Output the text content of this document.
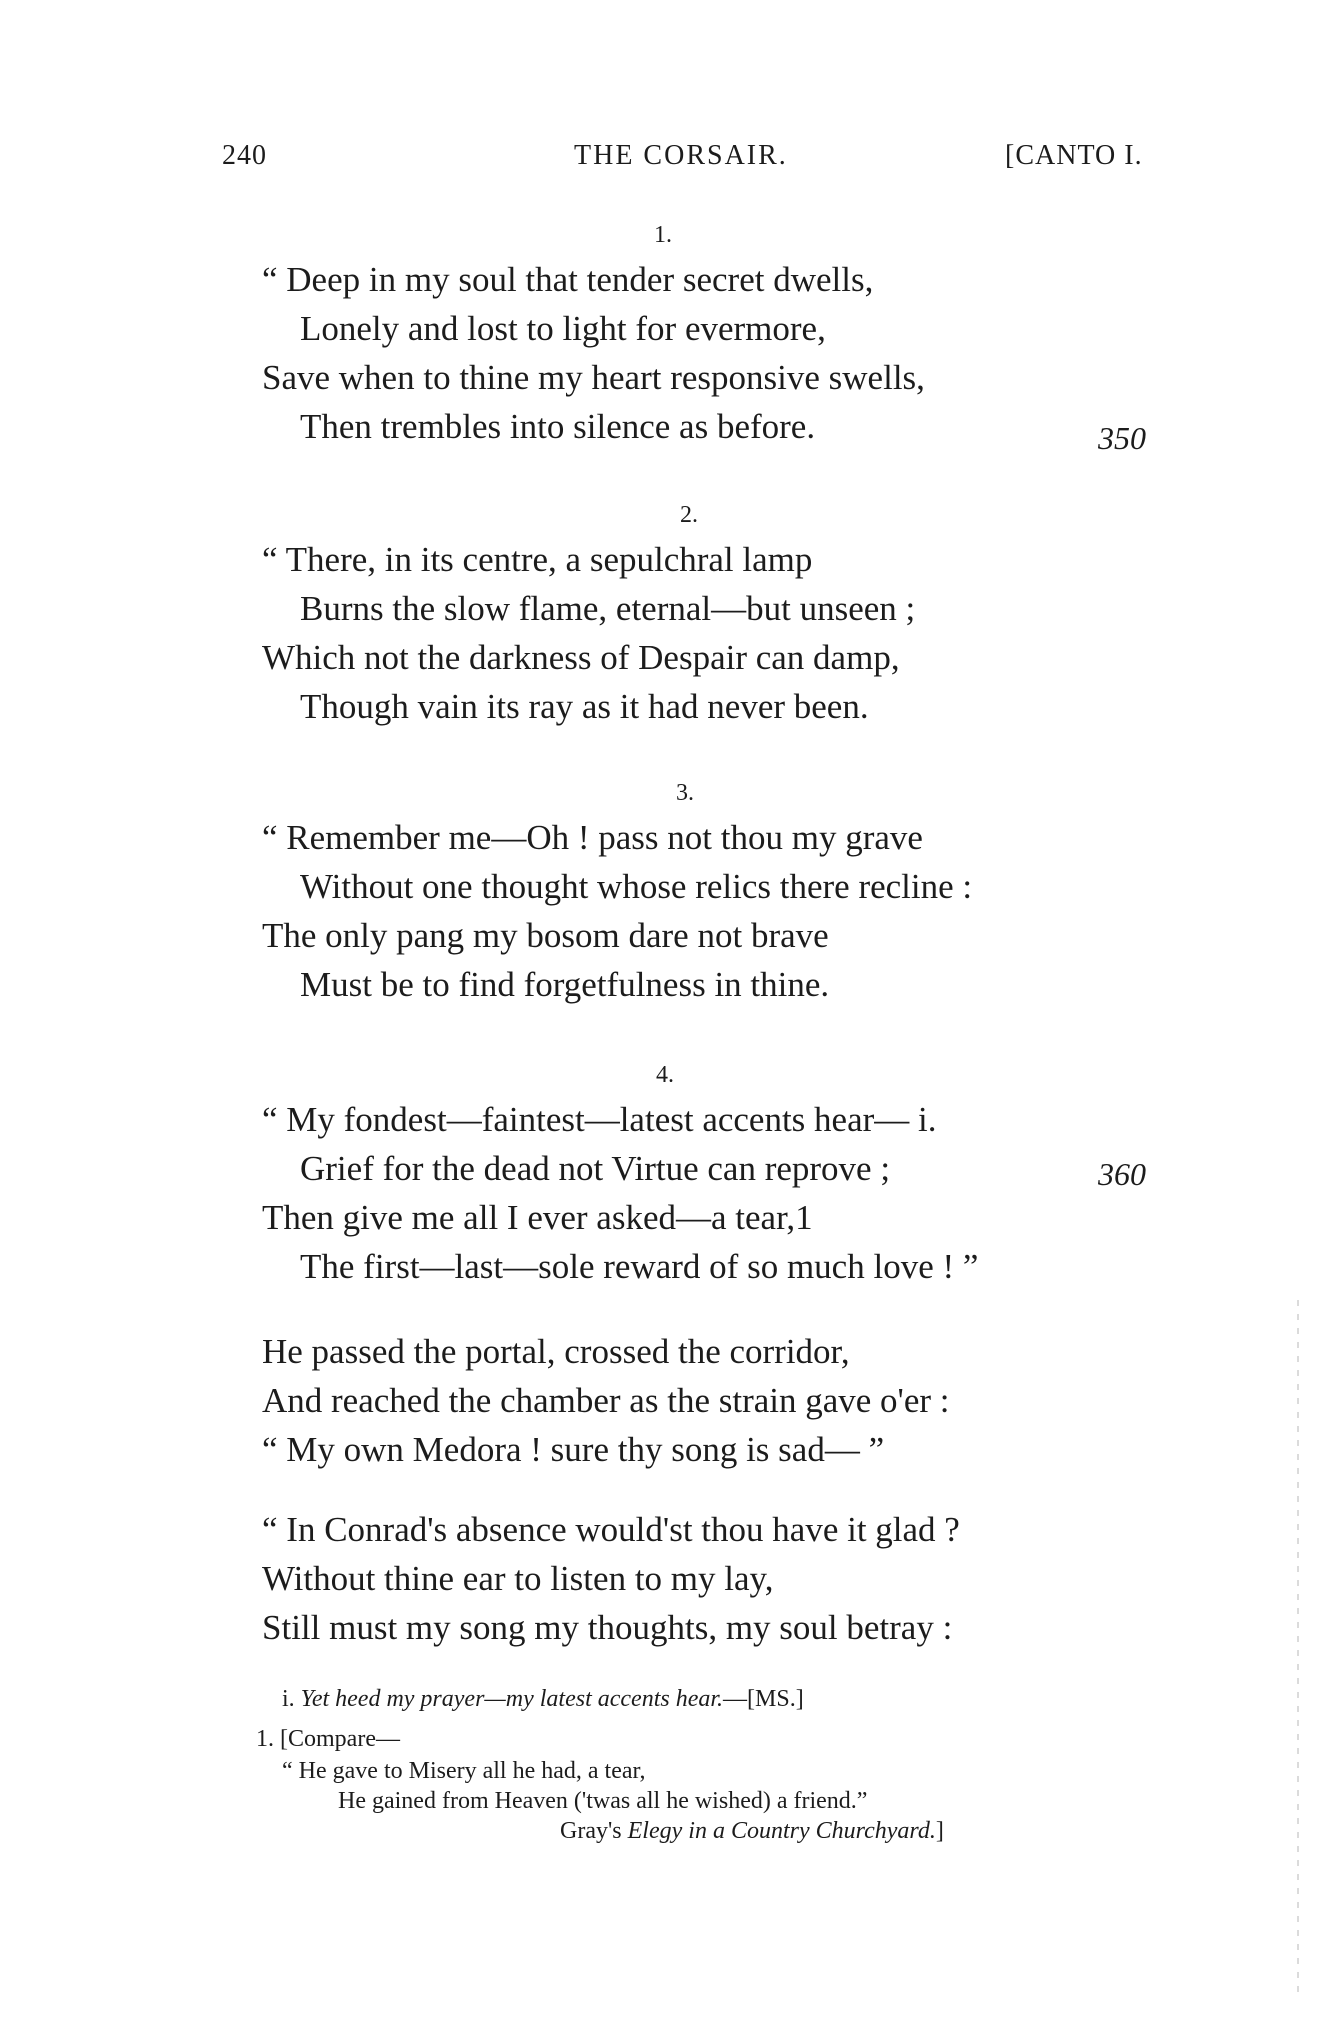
240	THE CORSAIR.	[CANTO I.
1.
“ Deep in my soul that tender secret dwells,
Lonely and lost to light for evermore,
Save when to thine my heart responsive swells,
Then trembles into silence as before.	350
2.
“ There, in its centre, a sepulchral lamp
Burns the slow flame, eternal—but unseen ;
Which not the darkness of Despair can damp,
Though vain its ray as it had never been.
3.
“ Remember me—Oh ! pass not thou my grave
Without one thought whose relics there recline :
The only pang my bosom dare not brave
Must be to find forgetfulness in thine.
4.
“ My fondest—faintest—latest accents hear— i.
Grief for the dead not Virtue can reprove ;	360
Then give me all I ever asked—a tear,1
The first—last—sole reward of so much love ! ”
He passed the portal, crossed the corridor,
And reached the chamber as the strain gave o'er :
“ My own Medora ! sure thy song is sad— ”
“ In Conrad's absence would'st thou have it glad ?
Without thine ear to listen to my lay,
Still must my song my thoughts, my soul betray :
i. Yet heed my prayer—my latest accents hear.—[MS.]
1. [Compare—
“ He gave to Misery all he had, a tear,
He gained from Heaven ('twas all he wished) a friend.”
Gray's Elegy in a Country Churchyard.]
